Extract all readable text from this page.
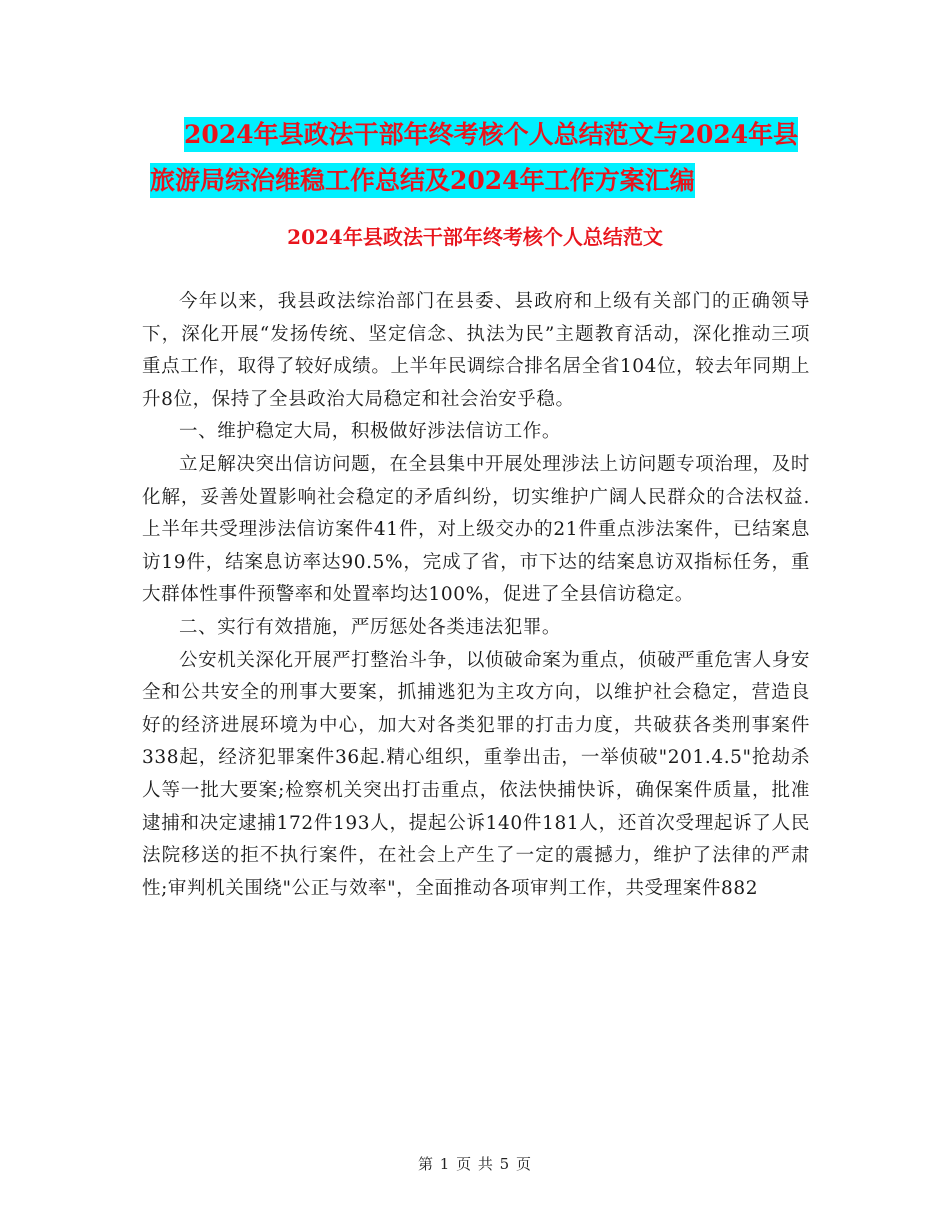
2024年县政法干部年终考核个人总结范文与2024年县
旅游局综治维稳工作总结及2024年工作方案汇编
2024年县政法干部年终考核个人总结范文

今年以来，我县政法综治部门在县委、县政府和上级有关部门的正确领导下，深化开展“发扬传统、坚定信念、执法为民”主题教育活动，深化推动三项重点工作，取得了较好成绩。上半年民调综合排名居全省104位，较去年同期上升8位，保持了全县政治大局稳定和社会治安乎稳。

一、维护稳定大局，积极做好涉法信访工作。

立足解决突出信访问题，在全县集中开展处理涉法上访问题专项治理，及时化解，妥善处置影响社会稳定的矛盾纠纷，切实维护广阔人民群众的合法权益.上半年共受理涉法信访案件41件，对上级交办的21件重点涉法案件，已结案息访19件，结案息访率达90.5%，完成了省，市下达的结案息访双指标任务，重大群体性事件预警率和处置率均达100%，促进了全县信访稳定。

二、实行有效措施，严厉惩处各类违法犯罪。

公安机关深化开展严打整治斗争，以侦破命案为重点，侦破严重危害人身安全和公共安全的刑事大要案，抓捕逃犯为主攻方向，以维护社会稳定，营造良好的经济进展环境为中心，加大对各类犯罪的打击力度，共破获各类刑事案件338起，经济犯罪案件36起.精心组织，重拳出击，一举侦破"201.4.5"抢劫杀人等一批大要案;检察机关突出打击重点，依法快捕快诉，确保案件质量，批准逮捕和决定逮捕172件193人，提起公诉140件181人，还首次受理起诉了人民法院移送的拒不执行案件，在社会上产生了一定的震撼力，维护了法律的严肃性;审判机关围绕"公正与效率"，全面推动各项审判工作，共受理案件882

第 1 页 共 5 页
